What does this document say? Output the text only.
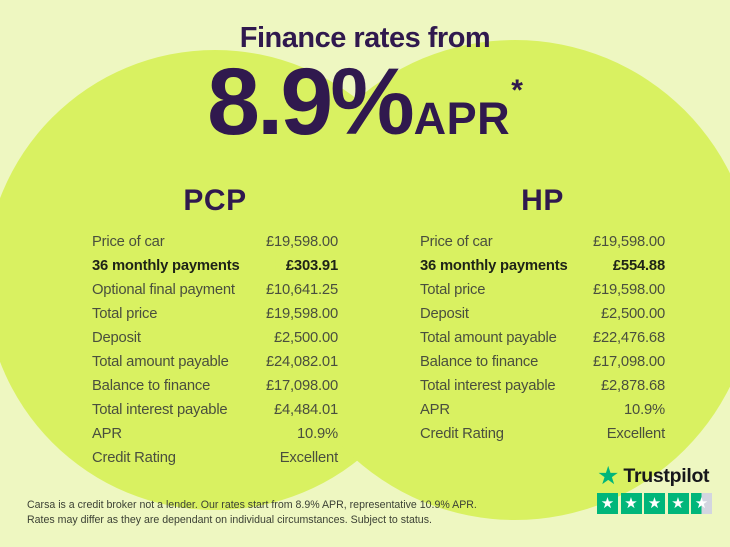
Finance rates from
8.9%APR*
PCP
Price of car	£19,598.00
36 monthly payments	£303.91
Optional final payment £10,641.25
Total price	£19,598.00
Deposit	£2,500.00
Total amount payable	£24,082.01
Balance to finance	£17,098.00
Total interest payable	£4,484.01
APR	10.9%
Credit Rating	Excellent
HP
Price of car	£19,598.00
36 monthly payments	£554.88
Total price	£19,598.00
Deposit	£2,500.00
Total amount payable £22,476.68
Balance to finance	£17,098.00
Total interest payable	£2,878.68
APR	10.9%
Credit Rating	Excellent
Carsa is a credit broker not a lender. Our rates start from 8.9% APR, representative 10.9% APR.
Rates may differ as they are dependant on individual circumstances. Subject to status.
★ Trustpilot
★ ★ ★ ★ ★
